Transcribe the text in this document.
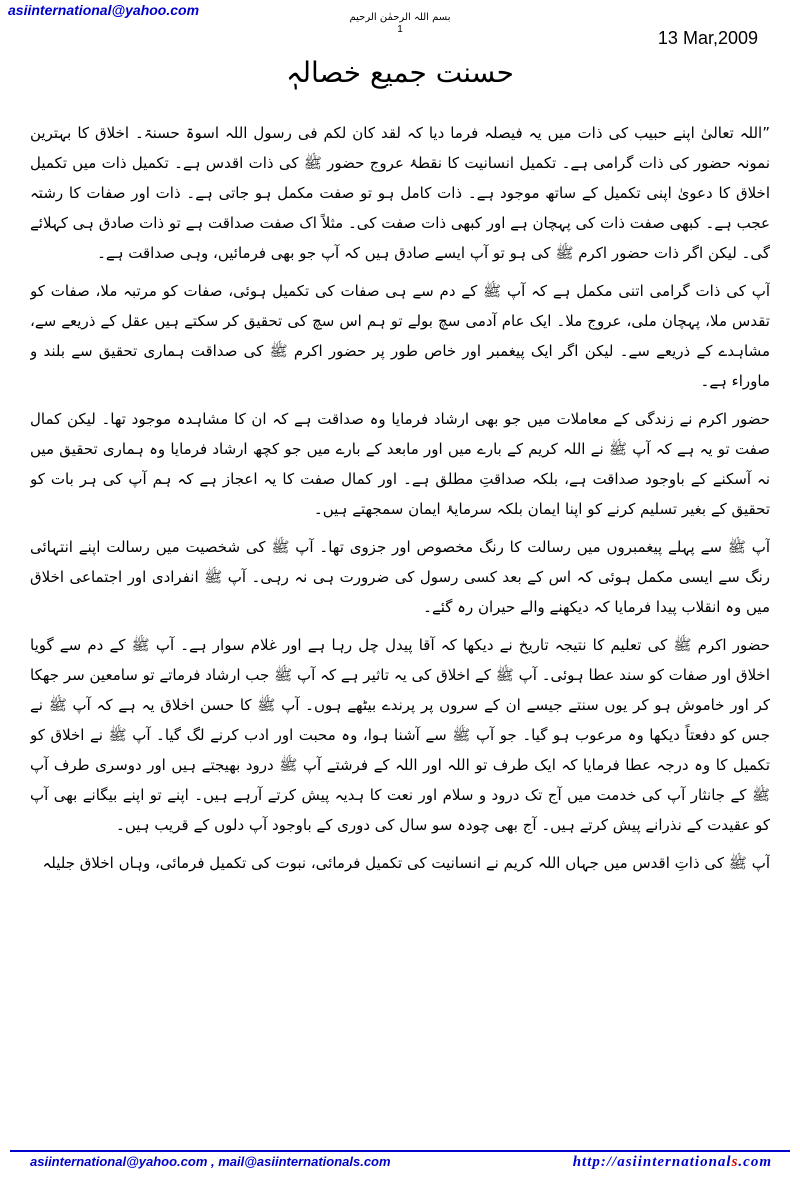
asiinternational@yahoo.com	بسم اللہ الرحمٰن الرحیم
1	13 Mar,2009
حسنت جمیع خصالہٖ

”اللہ تعالیٰ اپنے حبیب کی ذات میں یہ فیصلہ فرما دیا کہ لقد کان لکم فی رسول اللہ اسوۃ حسنۃ۔ اخلاق کا بہترین نمونہ حضور کی ذات گرامی ہے۔ تکمیل انسانیت کا نقطۂ عروج حضور ﷺ کی ذات اقدس ہے۔ تکمیل ذات میں تکمیل اخلاق کا دعویٰ اپنی تکمیل کے ساتھ موجود ہے۔ ذات کامل ہو تو صفت مکمل ہو جاتی ہے۔ ذات اور صفات کا رشتہ عجب ہے۔ کبھی صفت ذات کی پہچان ہے اور کبھی ذات صفت کی۔ مثلاً اک صفت صداقت ہے تو ذات صادق ہی کہلائے گی۔ لیکن اگر ذات حضور اکرم ﷺ کی ہو تو آپ ایسے صادق ہیں کہ آپ جو بھی فرمائیں، وہی صداقت ہے۔

آپ کی ذات گرامی اتنی مکمل ہے کہ آپ ﷺ کے دم سے ہی صفات کی تکمیل ہوئی، صفات کو مرتبہ ملا، صفات کو تقدس ملا، پہچان ملی، عروج ملا۔ ایک عام آدمی سچ بولے تو ہم اس سچ کی تحقیق کر سکتے ہیں عقل کے ذریعے سے، مشاہدے کے ذریعے سے۔ لیکن اگر ایک پیغمبر اور خاص طور پر حضور اکرم ﷺ کی صداقت ہماری تحقیق سے بلند و ماوراء ہے۔

حضور اکرم نے زندگی کے معاملات میں جو بھی ارشاد فرمایا وہ صداقت ہے کہ ان کا مشاہدہ موجود تھا۔ لیکن کمال صفت تو یہ ہے کہ آپ ﷺ نے اللہ کریم کے بارے میں اور مابعد کے بارے میں جو کچھ ارشاد فرمایا وہ ہماری تحقیق میں نہ آسکنے کے باوجود صداقت ہے، بلکہ صداقتِ مطلق ہے۔ اور کمال صفت کا یہ اعجاز ہے کہ ہم آپ کی ہر بات کو تحقیق کے بغیر تسلیم کرنے کو اپنا ایمان بلکہ سرمایۂ ایمان سمجھتے ہیں۔

آپ ﷺ سے پہلے پیغمبروں میں رسالت کا رنگ مخصوص اور جزوی تھا۔ آپ ﷺ کی شخصیت میں رسالت اپنے انتہائی رنگ سے ایسی مکمل ہوئی کہ اس کے بعد کسی رسول کی ضرورت ہی نہ رہی۔ آپ ﷺ انفرادی اور اجتماعی اخلاق میں وہ انقلاب پیدا فرمایا کہ دیکھنے والے حیران رہ گئے۔

حضور اکرم ﷺ کی تعلیم کا نتیجہ تاریخ نے دیکھا کہ آقا پیدل چل رہا ہے اور غلام سوار ہے۔ آپ ﷺ کے دم سے گویا اخلاق اور صفات کو سند عطا ہوئی۔ آپ ﷺ کے اخلاق کی یہ تاثیر ہے کہ آپ ﷺ جب ارشاد فرماتے تو سامعین سر جھکا کر اور خاموش ہو کر یوں سنتے جیسے ان کے سروں پر پرندے بیٹھے ہوں۔ آپ ﷺ کا حسن اخلاق یہ ہے کہ آپ ﷺ نے جس کو دفعتاً دیکھا وہ مرعوب ہو گیا۔ جو آپ ﷺ سے آشنا ہوا، وہ محبت اور ادب کرنے لگ گیا۔ آپ ﷺ نے اخلاق کو تکمیل کا وہ درجہ عطا فرمایا کہ ایک طرف تو اللہ اور اللہ کے فرشتے آپ ﷺ درود بھیجتے ہیں اور دوسری طرف آپ ﷺ کے جانثار آپ کی خدمت میں آج تک درود و سلام اور نعت کا ہدیہ پیش کرتے آرہے ہیں۔ اپنے تو اپنے بیگانے بھی آپ کو عقیدت کے نذرانے پیش کرتے ہیں۔ آج بھی چودہ سو سال کی دوری کے باوجود آپ دلوں کے قریب ہیں۔

آپ ﷺ کی ذاتِ اقدس میں جہاں اللہ کریم نے انسانیت کی تکمیل فرمائی، نبوت کی تکمیل فرمائی، وہاں اخلاق جلیلہ

asiinternational@yahoo.com , mail@asiinternationals.com	http://asiinternationals.com
